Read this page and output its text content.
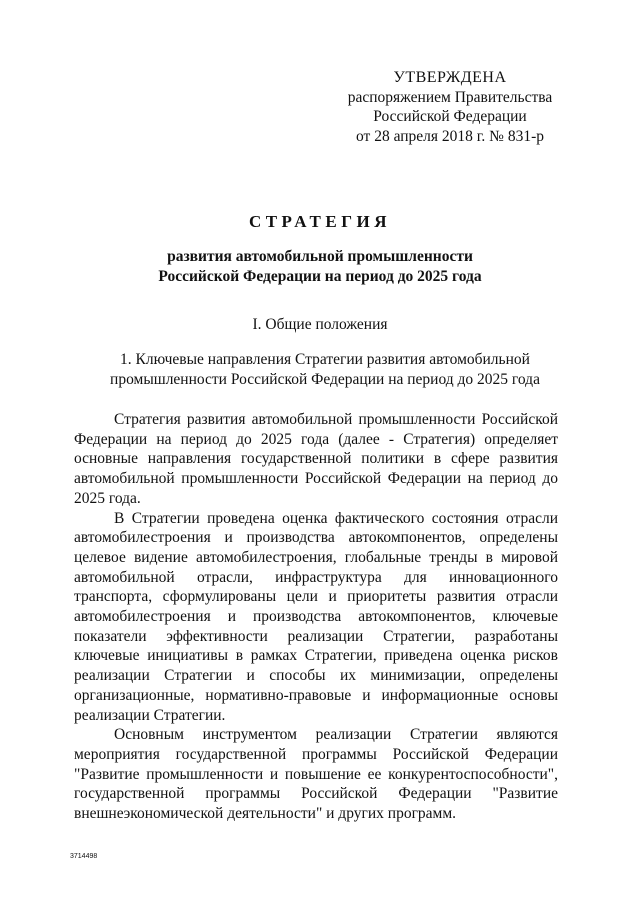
УТВЕРЖДЕНА
распоряжением Правительства
Российской Федерации
от 28 апреля 2018 г. № 831-р
СТРАТЕГИЯ
развития автомобильной промышленности
Российской Федерации на период до 2025 года
I. Общие положения
1. Ключевые направления Стратегии развития автомобильной
промышленности Российской Федерации на период до 2025 года

Стратегия развития автомобильной промышленности Российской Федерации на период до 2025 года (далее - Стратегия) определяет основные направления государственной политики в сфере развития автомобильной промышленности Российской Федерации на период до 2025 года.

В Стратегии проведена оценка фактического состояния отрасли автомобилестроения и производства автокомпонентов, определены целевое видение автомобилестроения, глобальные тренды в мировой автомобильной отрасли, инфраструктура для инновационного транспорта, сформулированы цели и приоритеты развития отрасли автомобилестроения и производства автокомпонентов, ключевые показатели эффективности реализации Стратегии, разработаны ключевые инициативы в рамках Стратегии, приведена оценка рисков реализации Стратегии и способы их минимизации, определены организационные, нормативно-правовые и информационные основы реализации Стратегии.

Основным инструментом реализации Стратегии являются мероприятия государственной программы Российской Федерации "Развитие промышленности и повышение ее конкурентоспособности", государственной программы Российской Федерации "Развитие внешнеэкономической деятельности" и других программ.

3714498
